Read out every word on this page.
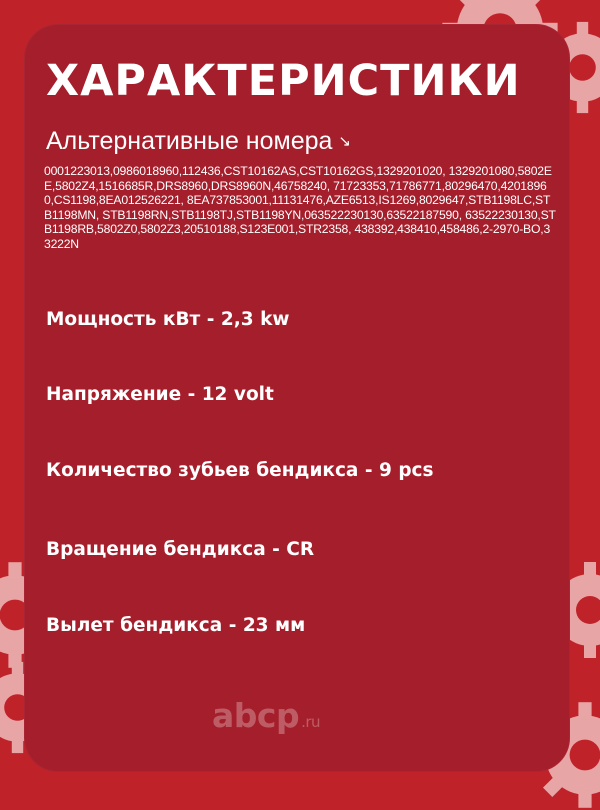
ХАРАКТЕРИСТИКИ
Альтернативные номера ↘
0001223013,0986018960,112436,CST10162AS,CST10162GS,1329201020, 1329201080,5802EE,5802Z4,1516685R,DRS8960,DRS8960N,46758240, 71723353,71786771,80296470,42018960,CS1198,8EA012526221, 8EA737853001,11131476,AZE6513,IS1269,8029647,STB1198LC,STB1198MN, STB1198RN,STB1198TJ,STB1198YN,063522230130,63522187590, 63522230130,STB1198RB,5802Z0,5802Z3,20510188,S123E001,STR2358, 438392,438410,458486,2-2970-BO,33222N
Мощность кВт - 2,3 kw
Напряжение - 12 volt
Количество зубьев бендикса - 9 pcs
Вращение бендикса - CR
Вылет бендикса - 23 мм
abcp .ru
